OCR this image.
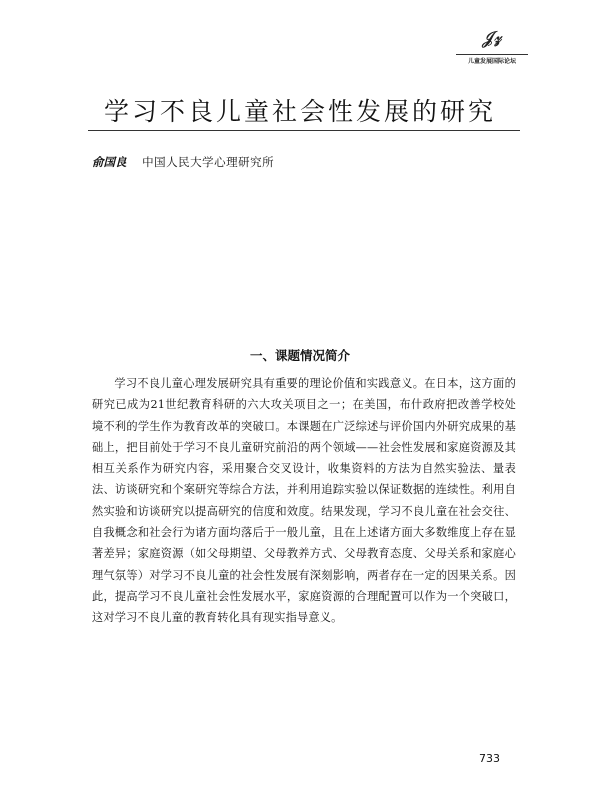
𝒥𝓏
儿童发展国际论坛
学习不良儿童社会性发展的研究
俞国良 中国人民大学心理研究所
一、课题情况简介

学习不良儿童心理发展研究具有重要的理论价值和实践意义。在日本，这方面的研究已成为21世纪教育科研的六大攻关项目之一；在美国，布什政府把改善学校处境不利的学生作为教育改革的突破口。本课题在广泛综述与评价国内外研究成果的基础上，把目前处于学习不良儿童研究前沿的两个领域——社会性发展和家庭资源及其相互关系作为研究内容，采用聚合交叉设计，收集资料的方法为自然实验法、量表法、访谈研究和个案研究等综合方法，并利用追踪实验以保证数据的连续性。利用自然实验和访谈研究以提高研究的信度和效度。结果发现，学习不良儿童在社会交往、自我概念和社会行为诸方面均落后于一般儿童，且在上述诸方面大多数维度上存在显著差异；家庭资源（如父母期望、父母教养方式、父母教育态度、父母关系和家庭心理气氛等）对学习不良儿童的社会性发展有深刻影响，两者存在一定的因果关系。因此，提高学习不良儿童社会性发展水平，家庭资源的合理配置可以作为一个突破口，这对学习不良儿童的教育转化具有现实指导意义。

733
